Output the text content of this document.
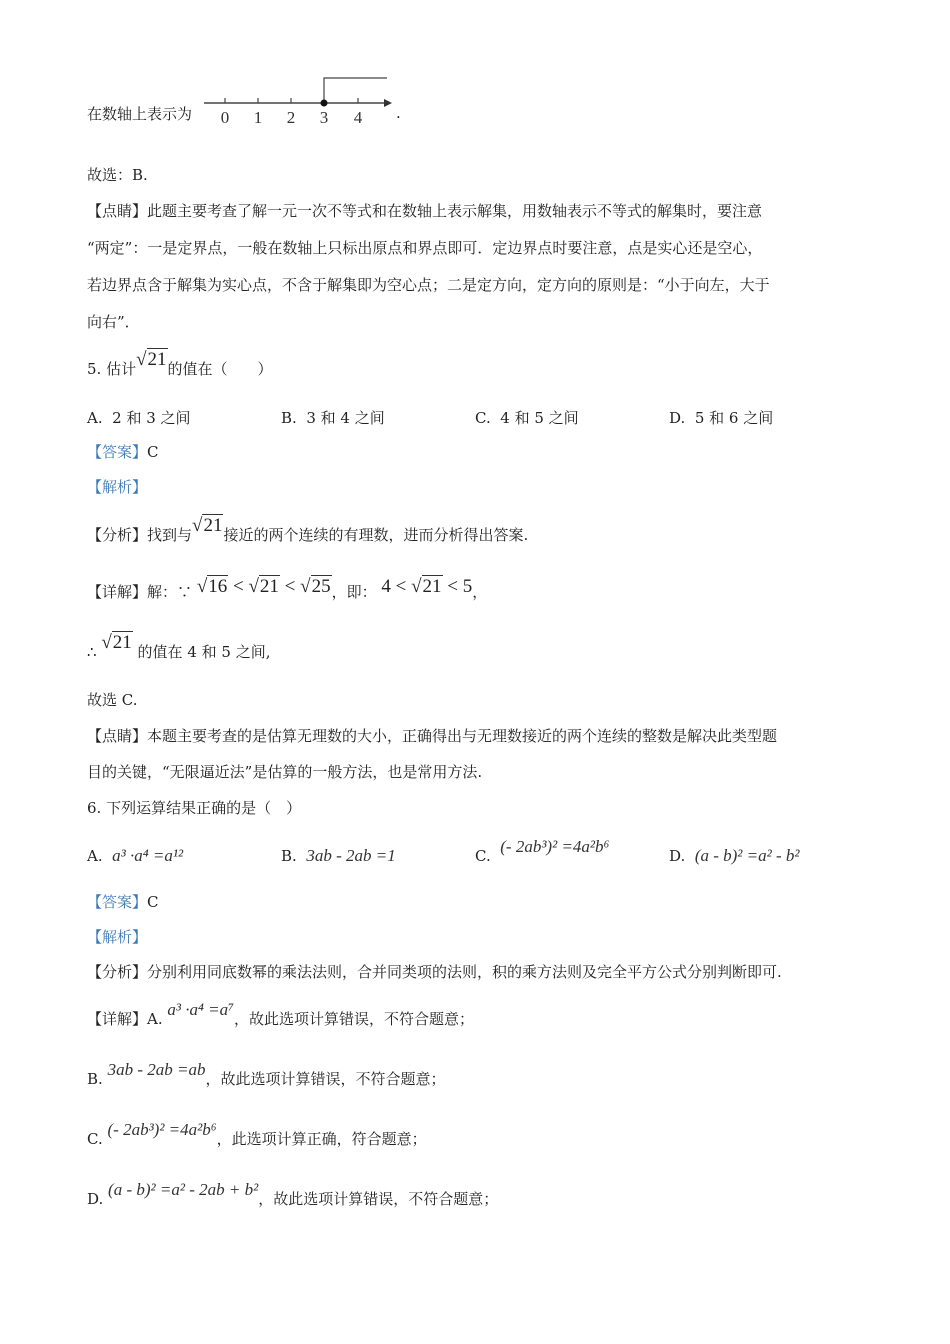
在数轴上表示为 0 1 2 3 4 .
故选：B.
【点睛】此题主要考查了解一元一次不等式和在数轴上表示解集，用数轴表示不等式的解集时，要注意
“两定”：一是定界点，一般在数轴上只标出原点和界点即可．定边界点时要注意，点是实心还是空心，
若边界点含于解集为实心点，不含于解集即为空心点；二是定方向，定方向的原则是：“小于向左，大于
向右”．
5. 估计√21的值在（　　）
A. 2 和 3 之间	B. 3 和 4 之间	C. 4 和 5 之间	D. 5 和 6 之间
【答案】C
【解析】
【分析】找到与√21接近的两个连续的有理数，进而分析得出答案.
【详解】解：∵ √16 < √21 < √25，即： 4 < √21 < 5，
∴ √21 的值在 4 和 5 之间,
故选 C.
【点睛】本题主要考查的是估算无理数的大小，正确得出与无理数接近的两个连续的整数是解决此类型题
目的关键，“无限逼近法”是估算的一般方法，也是常用方法.
6. 下列运算结果正确的是（　）
A. a³ ·a⁴ =a¹²	B. 3ab - 2ab =1	C. (- 2ab³)² =4a²b⁶	D. (a - b)² =a² - b²
【答案】C
【解析】
【分析】分别利用同底数幂的乘法法则，合并同类项的法则，积的乘方法则及完全平方公式分别判断即可.
【详解】A. a³ ·a⁴ =a⁷，故此选项计算错误，不符合题意；
B. 3ab - 2ab =ab，故此选项计算错误，不符合题意；
C. (- 2ab³)² =4a²b⁶，此选项计算正确，符合题意；
D. (a - b)² =a² - 2ab + b²，故此选项计算错误，不符合题意；
